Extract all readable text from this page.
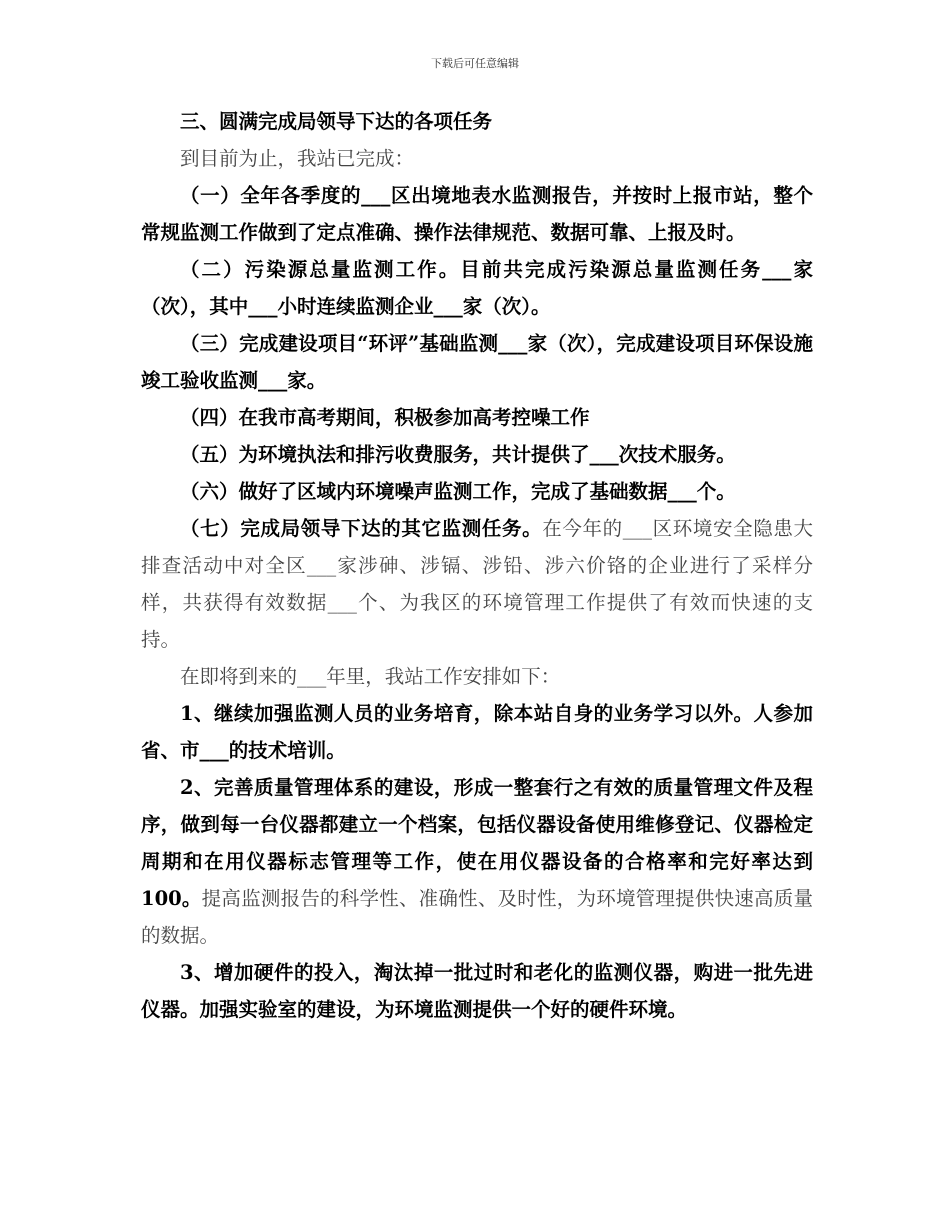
下载后可任意编辑

三、圆满完成局领导下达的各项任务

到目前为止，我站已完成：

（一）全年各季度的___区出境地表水监测报告，并按时上报市站，整个常规监测工作做到了定点准确、操作法律规范、数据可靠、上报及时。

（二）污染源总量监测工作。目前共完成污染源总量监测任务___家（次），其中___小时连续监测企业___家（次）。

（三）完成建设项目“环评”基础监测___家（次），完成建设项目环保设施竣工验收监测___家。

（四）在我市高考期间，积极参加高考控噪工作

（五）为环境执法和排污收费服务，共计提供了___次技术服务。

（六）做好了区域内环境噪声监测工作，完成了基础数据___个。

（七）完成局领导下达的其它监测任务。在今年的___区环境安全隐患大排查活动中对全区___家涉砷、涉镉、涉铅、涉六价铬的企业进行了采样分样，共获得有效数据___个、为我区的环境管理工作提供了有效而快速的支持。

在即将到来的___年里，我站工作安排如下：

1、继续加强监测人员的业务培育，除本站自身的业务学习以外。人参加省、市___的技术培训。

2、完善质量管理体系的建设，形成一整套行之有效的质量管理文件及程序，做到每一台仪器都建立一个档案，包括仪器设备使用维修登记、仪器检定周期和在用仪器标志管理等工作，使在用仪器设备的合格率和完好率达到100。提高监测报告的科学性、准确性、及时性，为环境管理提供快速高质量的数据。

3、增加硬件的投入，淘汰掉一批过时和老化的监测仪器，购进一批先进仪器。加强实验室的建设，为环境监测提供一个好的硬件环境。
